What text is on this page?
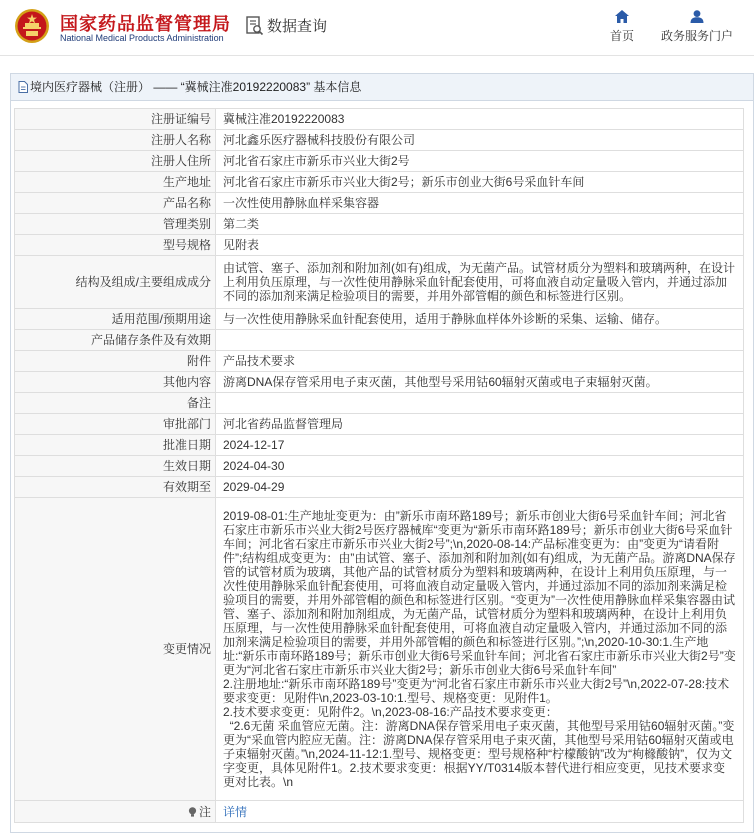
国家药品监督管理局
National Medical Products Administration
数据查询
首页 政务服务门户
境内医疗器械（注册） —— “冀械注准20192220083” 基本信息
注册证编号	冀械注准20192220083
注册人名称	河北鑫乐医疗器械科技股份有限公司
注册人住所	河北省石家庄市新乐市兴业大街2号
生产地址	河北省石家庄市新乐市兴业大街2号；新乐市创业大街6号采血针车间
产品名称	一次性使用静脉血样采集容器
管理类别	第二类
型号规格	见附表
结构及组成/主要组成成分	由试管、塞子、添加剂和附加剂(如有)组成，为无菌产品。试管材质分为塑料和玻璃两种，在设计上利用负压原理，与一次性使用静脉采血针配套使用，可将血液自动定量吸入管内，并通过添加不同的添加剂来满足检验项目的需要，并用外部管帽的颜色和标签进行区别。
适用范围/预期用途	与一次性使用静脉采血针配套使用，适用于静脉血样体外诊断的采集、运输、储存。
产品储存条件及有效期	
附件	产品技术要求
其他内容	游离DNA保存管采用电子束灭菌，其他型号采用钴60辐射灭菌或电子束辐射灭菌。
备注	
审批部门	河北省药品监督管理局
批准日期	2024-12-17
生效日期	2024-04-30
有效期至	2029-04-29
变更情况	2019-08-01:生产地址变更为：由”新乐市南环路189号；新乐市创业大街6号采血针车间；河北省石家庄市新乐市兴业大街2号医疗器械库“变更为“新乐市南环路189号；新乐市创业大街6号采血针车间；河北省石家庄市新乐市兴业大街2号”;\n,2020-08-14:产品标准变更为：由”变更为“请看附件”;结构组成变更为：由”由试管、塞子、添加剂和附加剂(如有)组成，为无菌产品。游离DNA保存管的试管材质为玻璃，其他产品的试管材质分为塑料和玻璃两种，在设计上利用负压原理，与一次性使用静脉采血针配套使用，可将血液自动定量吸入管内，并通过添加不同的添加剂来满足检验项目的需要，并用外部管帽的颜色和标签进行区别。“变更为”一次性使用静脉血样采集容器由试管、塞子、添加剂和附加剂组成，为无菌产品，试管材质分为塑料和玻璃两种，在设计上利用负压原理，与一次性使用静脉采血针配套使用，可将血液自动定量吸入管内，并通过添加不同的添加剂来满足检验项目的需要，并用外部管帽的颜色和标签进行区别。”;\n,2020-10-30:1.生产地址:“新乐市南环路189号；新乐市创业大街6号采血针车间；河北省石家庄市新乐市兴业大街2号”变更为“河北省石家庄市新乐市兴业大街2号；新乐市创业大街6号采血针车间”
2.注册地址:“新乐市南环路189号”变更为“河北省石家庄市新乐市兴业大街2号”\n,2022-07-28:技术要求变更：见附件\n,2023-03-10:1.型号、规格变更：见附件1。
2.技术要求变更：见附件2。\n,2023-08-16:产品技术要求变更：
“2.6无菌 采血管应无菌。注：游离DNA保存管采用电子束灭菌，其他型号采用钴60辐射灭菌。”变更为“采血管内腔应无菌。注：游离DNA保存管采用电子束灭菌，其他型号采用钴60辐射灭菌或电子束辐射灭菌。”\n,2024-11-12:1.型号、规格变更：型号规格种“柠檬酸钠”改为“枸橼酸钠”，仅为文字变更，具体见附件1。2.技术要求变更：根据YY/T0314版本替代进行相应变更，见技术要求变更对比表。\n

注	详情
